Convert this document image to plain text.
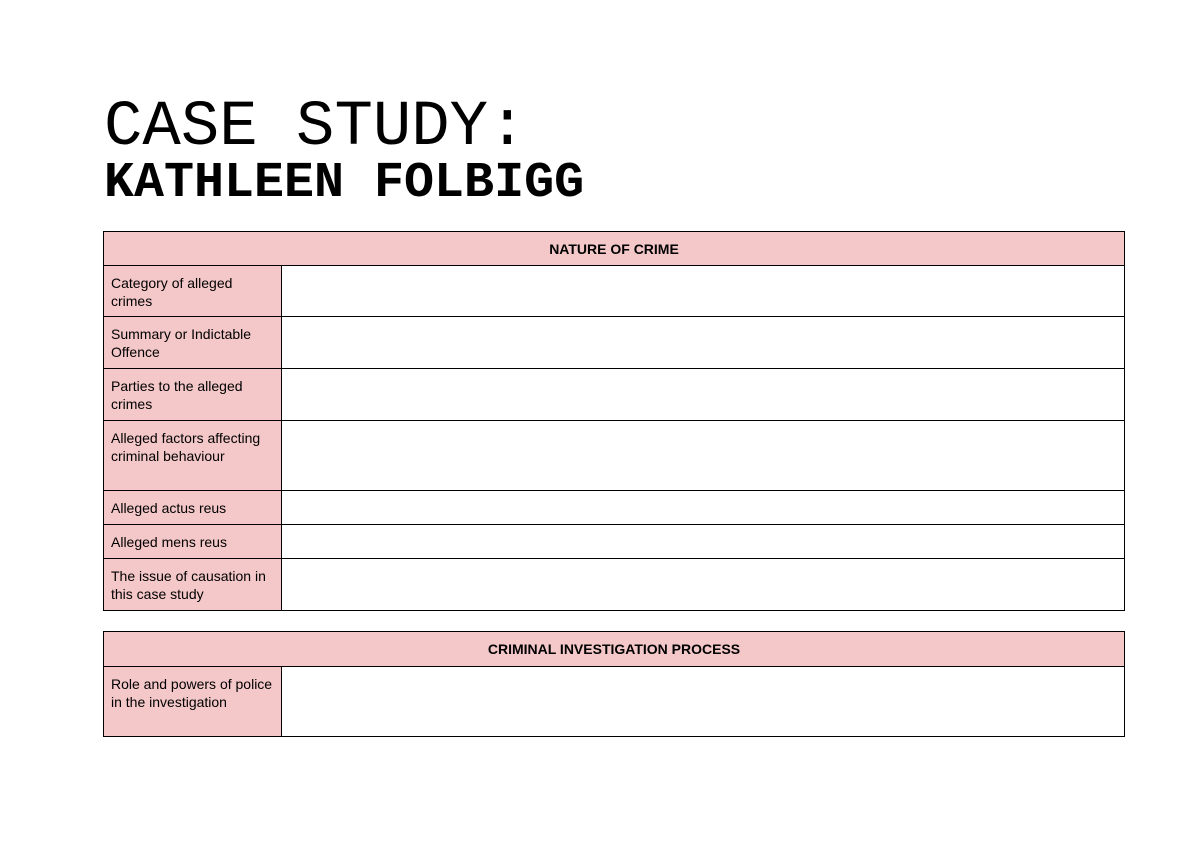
CASE STUDY:
KATHLEEN FOLBIGG
NATURE OF CRIME	
Category of alleged crimes	
Summary or Indictable Offence	
Parties to the alleged crimes	
Alleged factors affecting criminal behaviour	
Alleged actus reus	
Alleged mens reus	
The issue of causation in this case study	
CRIMINAL INVESTIGATION PROCESS
Role and powers of police in the investigation	
